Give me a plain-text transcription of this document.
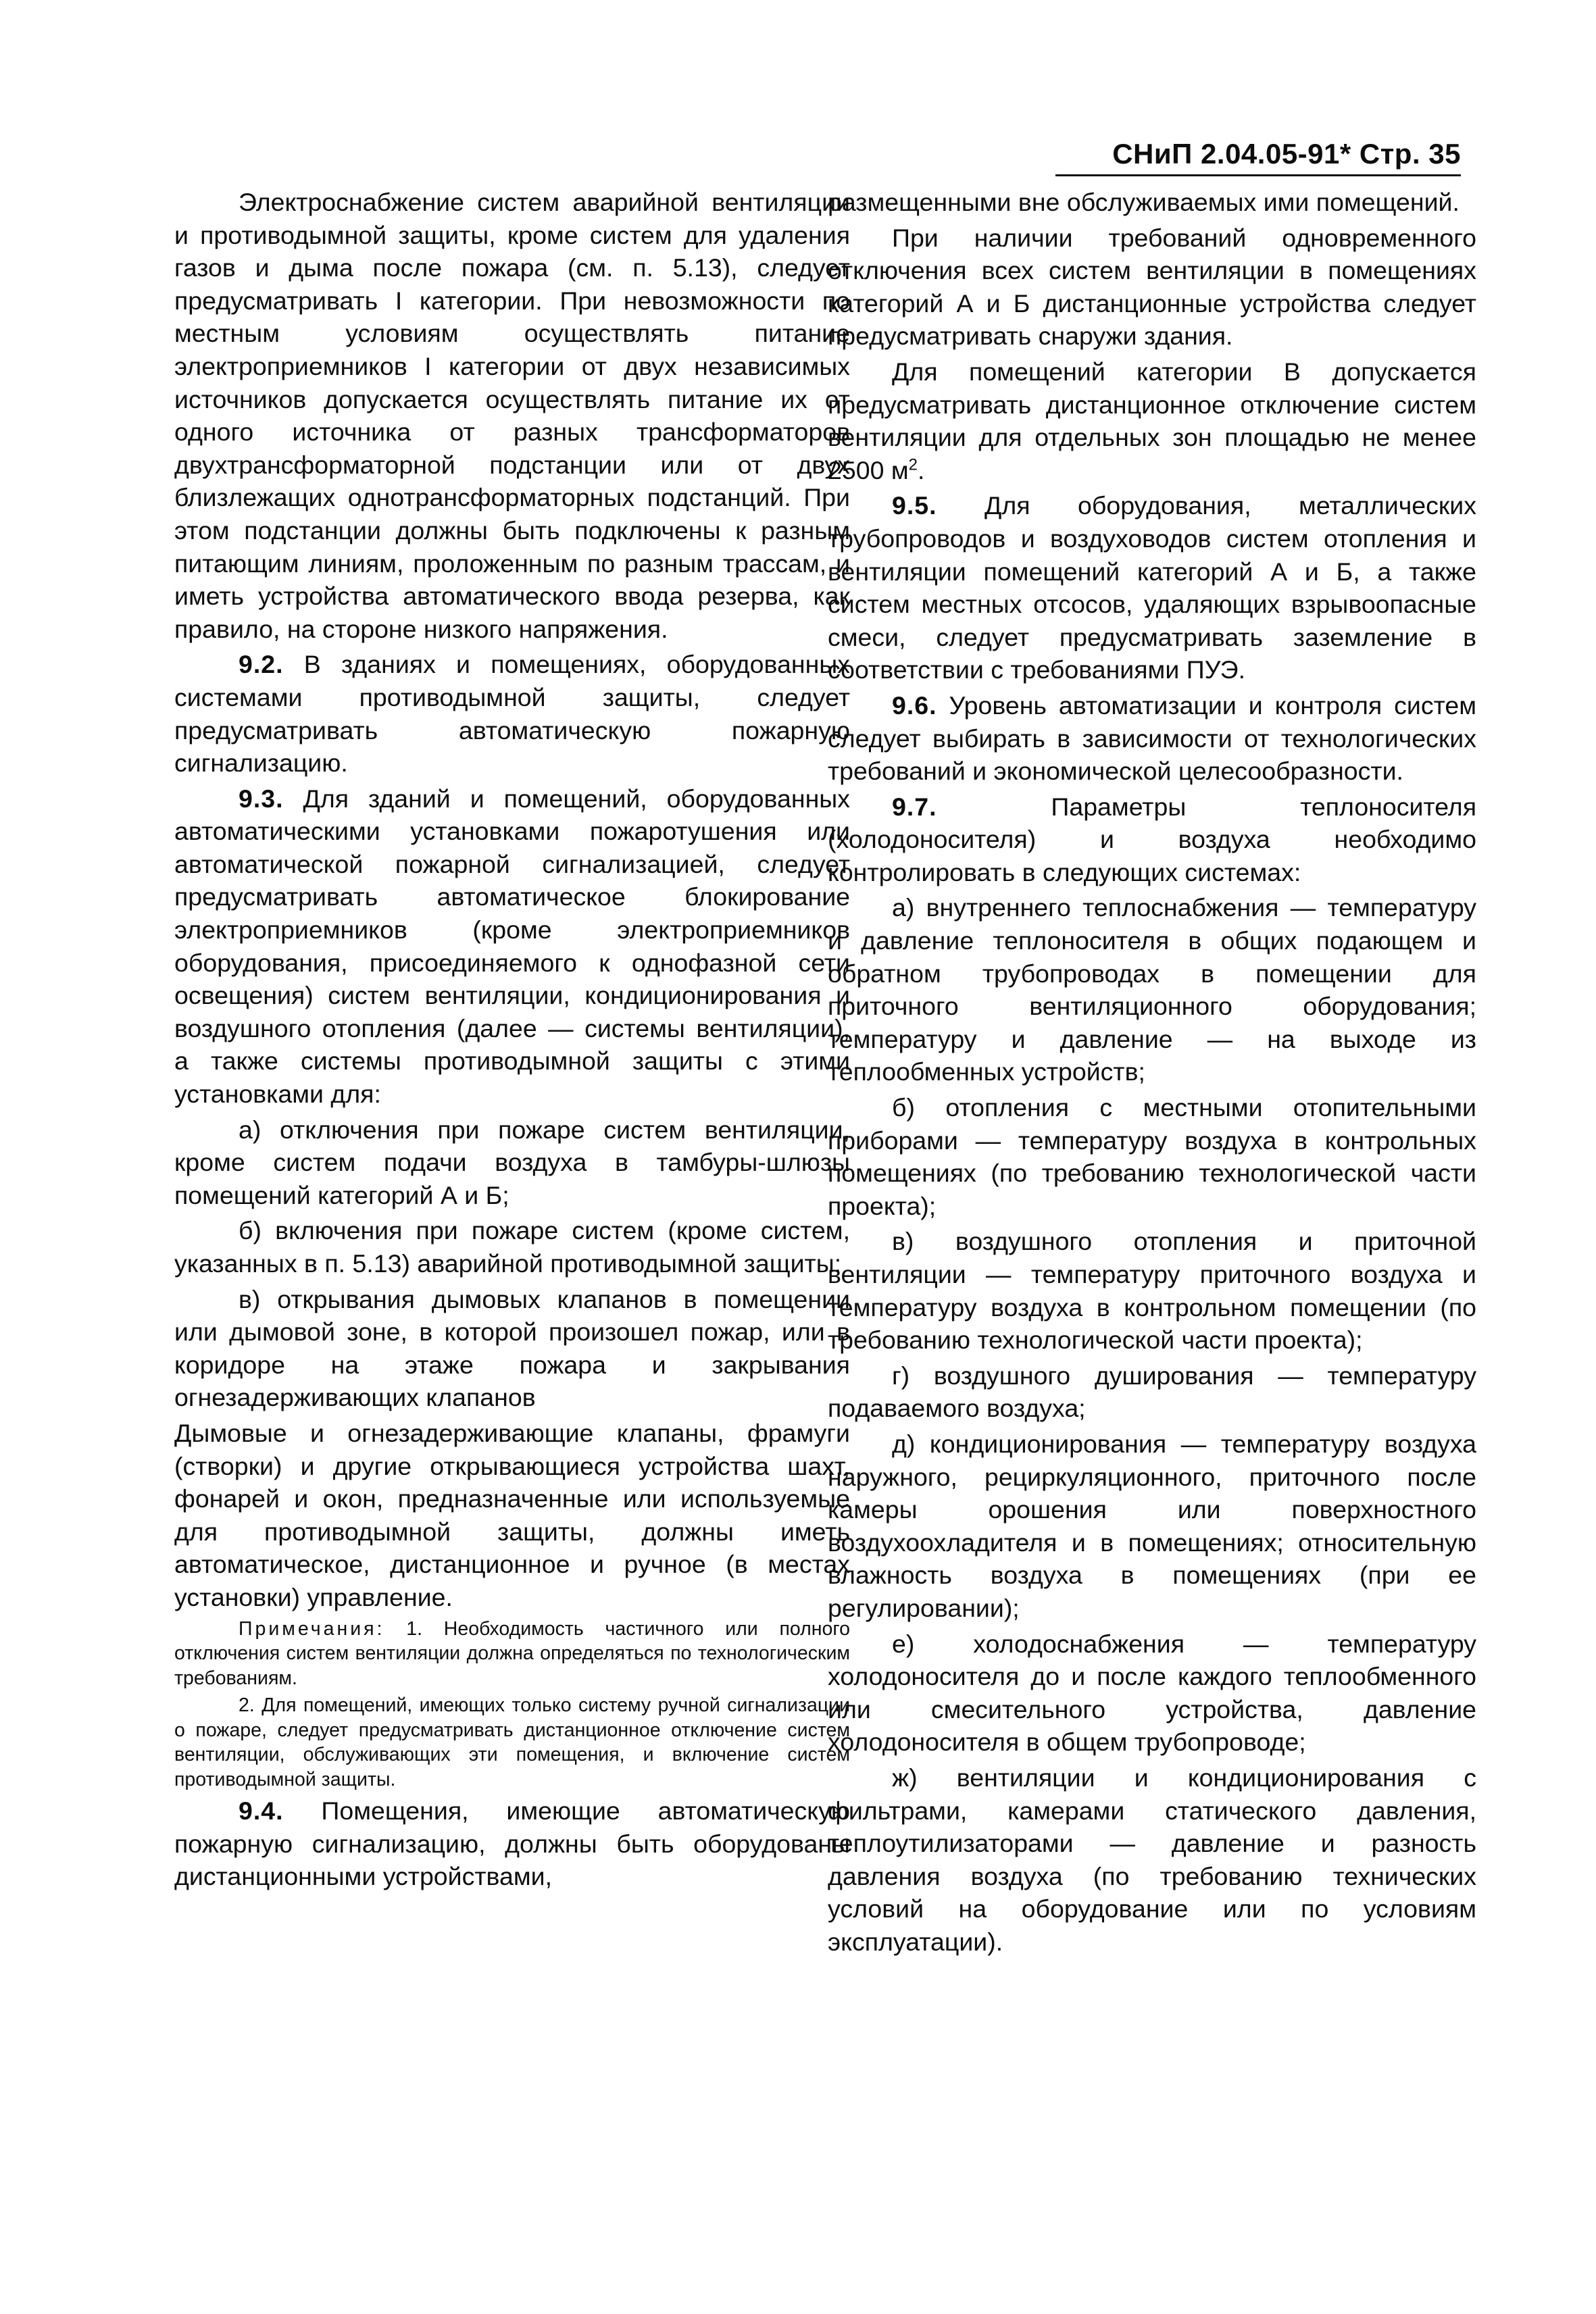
СНиП 2.04.05-91* Стр. 35

Электроснабжение систем аварийной вентиляции и противодымной защиты, кроме систем для удаления газов и дыма после пожара (см. п. 5.13), следует предусматривать I категории. При невозможности по местным условиям осуществлять питание электроприемников I категории от двух независимых источников допускается осуществлять питание их от одного источника от разных трансформаторов двухтрансформаторной подстанции или от двух близлежащих однотрансформаторных подстанций. При этом подстанции должны быть подключены к разным питающим линиям, проложенным по разным трассам, и иметь устройства автоматического ввода резерва, как правило, на стороне низкого напряжения.

9.2. В зданиях и помещениях, оборудованных системами противодымной защиты, следует предусматривать автоматическую пожарную сигнализацию.

9.3. Для зданий и помещений, оборудованных автоматическими установками пожаротушения или автоматической пожарной сигнализацией, следует предусматривать автоматическое блокирование электроприемников (кроме электроприемников оборудования, присоединяемого к однофазной сети освещения) систем вентиляции, кондиционирования и воздушного отопления (далее — системы вентиляции), а также системы противодымной защиты с этими установками для:

а) отключения при пожаре систем вентиляции, кроме систем подачи воздуха в тамбуры-шлюзы помещений категорий А и Б;

б) включения при пожаре систем (кроме систем, указанных в п. 5.13) аварийной противодымной защиты;

в) открывания дымовых клапанов в помещении или дымовой зоне, в которой произошел пожар, или в коридоре на этаже пожара и закрывания огнезадерживающих клапанов

Дымовые и огнезадерживающие клапаны, фрамуги (створки) и другие открывающиеся устройства шахт, фонарей и окон, предназначенные или используемые для противодымной защиты, должны иметь автоматическое, дистанционное и ручное (в местах установки) управление.

Примечания: 1. Необходимость частичного или полного отключения систем вентиляции должна определяться по технологическим требованиям.

2. Для помещений, имеющих только систему ручной сигнализации о пожаре, следует предусматривать дистанционное отключение систем вентиляции, обслуживающих эти помещения, и включение систем противодымной защиты.

9.4. Помещения, имеющие автоматическую пожарную сигнализацию, должны быть оборудованы дистанционными устройствами,

размещенными вне обслуживаемых ими помещений.

При наличии требований одновременного отключения всех систем вентиляции в помещениях категорий А и Б дистанционные устройства следует предусматривать снаружи здания.

Для помещений категории В допускается предусматривать дистанционное отключение систем вентиляции для отдельных зон площадью не менее 2500 $м^2$.

9.5. Для оборудования, металлических трубопроводов и воздуховодов систем отопления и вентиляции помещений категорий А и Б, а также систем местных отсосов, удаляющих взрывоопасные смеси, следует предусматривать заземление в соответствии с требованиями ПУЭ.

9.6. Уровень автоматизации и контроля систем следует выбирать в зависимости от технологических требований и экономической целесообразности.

9.7. Параметры теплоносителя (холодоносителя) и воздуха необходимо контролировать в следующих системах:

а) внутреннего теплоснабжения — температуру и давление теплоносителя в общих подающем и обратном трубопроводах в помещении для приточного вентиляционного оборудования; температуру и давление — на выходе из теплообменных устройств;

б) отопления с местными отопительными приборами — температуру воздуха в контрольных помещениях (по требованию технологической части проекта);

в) воздушного отопления и приточной вентиляции — температуру приточного воздуха и температуру воздуха в контрольном помещении (по требованию технологической части проекта);

г) воздушного душирования — температуру подаваемого воздуха;

д) кондиционирования — температуру воздуха наружного, рециркуляционного, приточного после камеры орошения или поверхностного воздухоохладителя и в помещениях; относительную влажность воздуха в помещениях (при ее регулировании);

е) холодоснабжения — температуру холодоносителя до и после каждого теплообменного или смесительного устройства, давление холодоносителя в общем трубопроводе;

ж) вентиляции и кондиционирования с фильтрами, камерами статического давления, теплоутилизаторами — давление и разность давления воздуха (по требованию технических условий на оборудование или по условиям эксплуатации).
